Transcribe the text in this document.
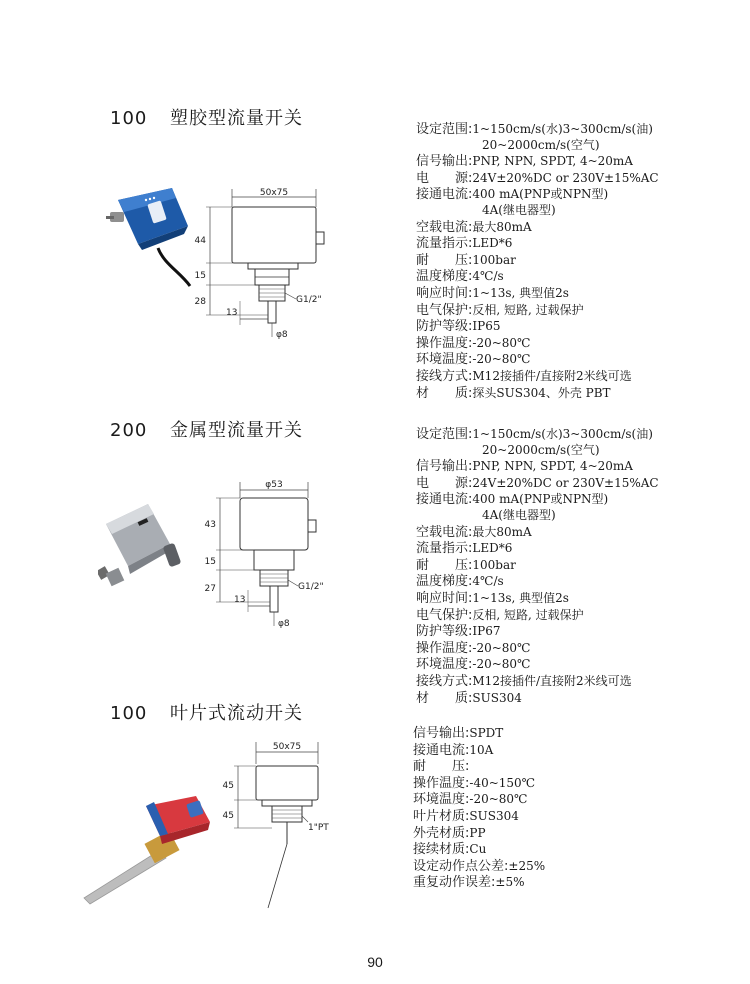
100 塑胶型流量开关
50x75
44
15
28
13
G1/2"
φ8
设定范围:1~150cm/s(水)3~300cm/s(油)
20~2000cm/s(空气)
信号输出:PNP, NPN, SPDT, 4~20mA
电　　源:24V±20%DC or 230V±15%AC
接通电流:400 mA(PNP或NPN型)
4A(继电器型)
空载电流:最大80mA
流量指示:LED*6
耐　　压:100bar
温度梯度:4℃/s
响应时间:1~13s, 典型值2s
电气保护:反相, 短路, 过载保护
防护等级:IP65
操作温度:-20~80℃
环境温度:-20~80℃
接线方式:M12接插件/直接附2米线可选
材　　质:探头SUS304、外壳 PBT
200 金属型流量开关
φ53
43
15
27
13
G1/2"
φ8
设定范围:1~150cm/s(水)3~300cm/s(油)
20~2000cm/s(空气)
信号输出:PNP, NPN, SPDT, 4~20mA
电　　源:24V±20%DC or 230V±15%AC
接通电流:400 mA(PNP或NPN型)
4A(继电器型)
空载电流:最大80mA
流量指示:LED*6
耐　　压:100bar
温度梯度:4℃/s
响应时间:1~13s, 典型值2s
电气保护:反相, 短路, 过载保护
防护等级:IP67
操作温度:-20~80℃
环境温度:-20~80℃
接线方式:M12接插件/直接附2米线可选
材　　质:SUS304
100 叶片式流动开关
50x75
45
45
1"PT
信号输出:SPDT
接通电流:10A
耐　　压:
操作温度:-40~150℃
环境温度:-20~80℃
叶片材质:SUS304
外壳材质:PP
接续材质:Cu
设定动作点公差:±25%
重复动作误差:±5%
90
